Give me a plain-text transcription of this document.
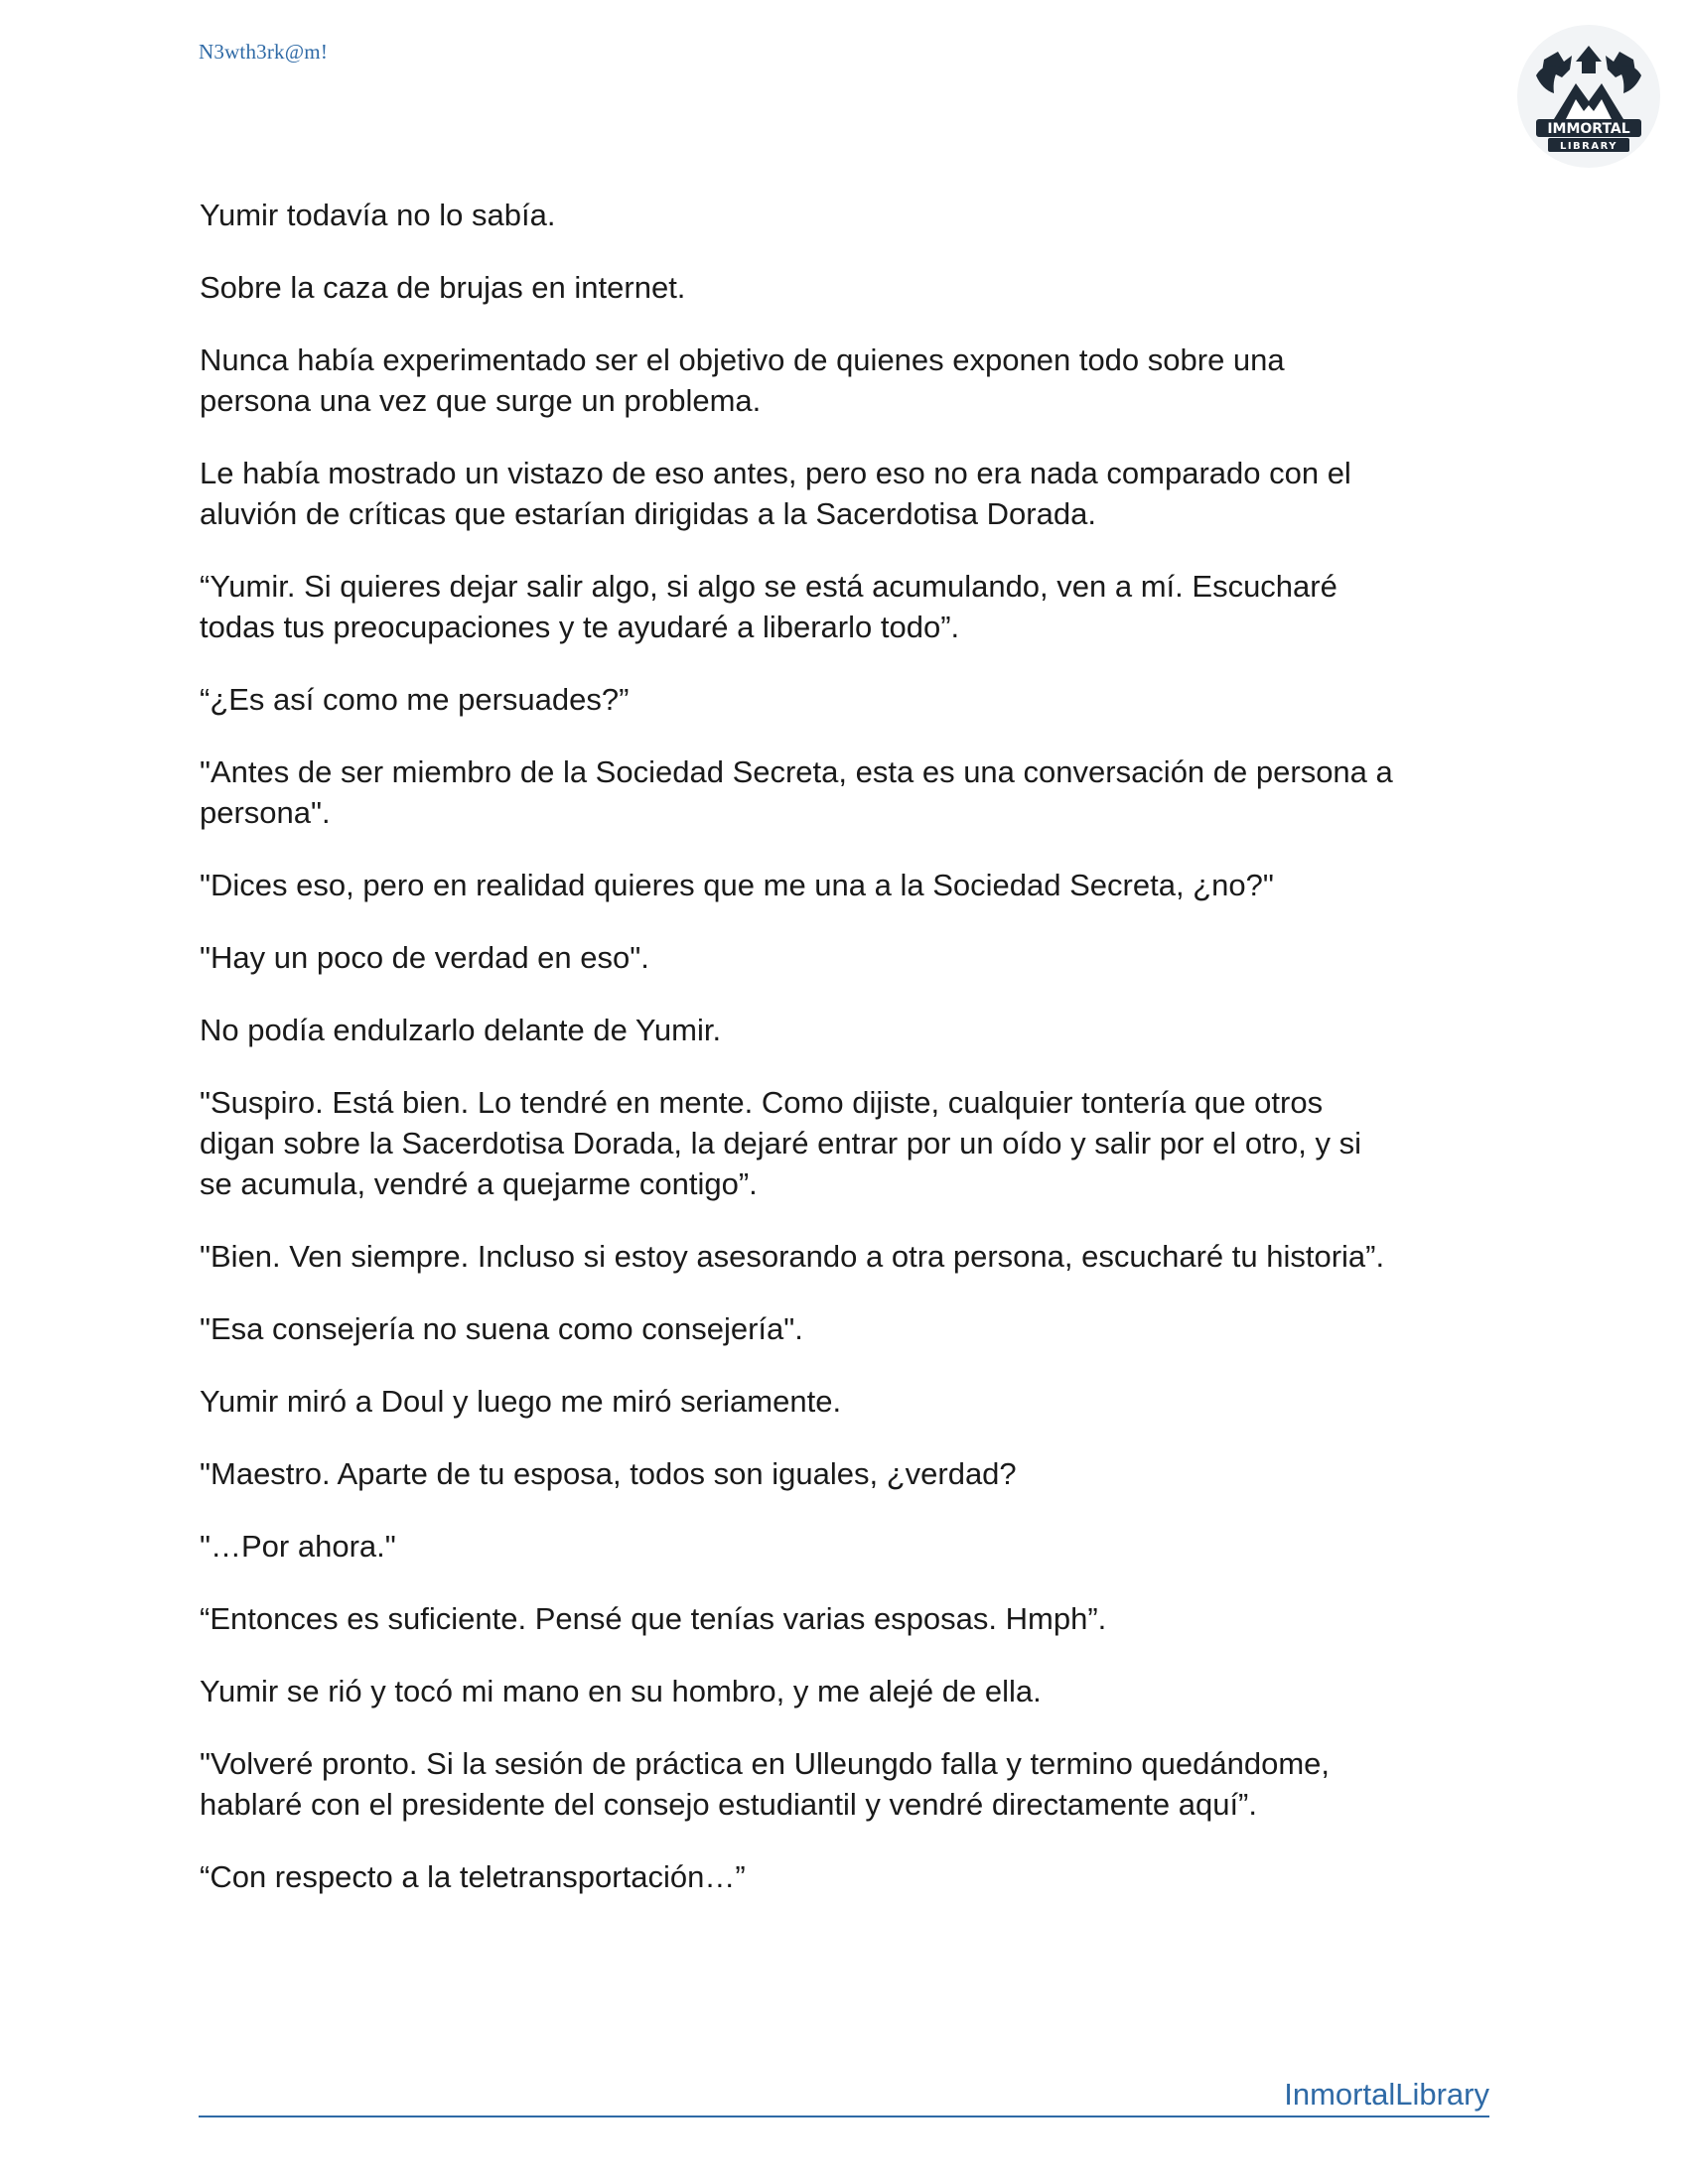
N3wth3rk@m!
IMMORTAL
LIBRARY

Yumir todavía no lo sabía.

Sobre la caza de brujas en internet.

Nunca había experimentado ser el objetivo de quienes exponen todo sobre una
persona una vez que surge un problema.

Le había mostrado un vistazo de eso antes, pero eso no era nada comparado con el
aluvión de críticas que estarían dirigidas a la Sacerdotisa Dorada.

“Yumir. Si quieres dejar salir algo, si algo se está acumulando, ven a mí. Escucharé
todas tus preocupaciones y te ayudaré a liberarlo todo”.

“¿Es así como me persuades?”

"Antes de ser miembro de la Sociedad Secreta, esta es una conversación de persona a
persona".

"Dices eso, pero en realidad quieres que me una a la Sociedad Secreta, ¿no?"

"Hay un poco de verdad en eso".

No podía endulzarlo delante de Yumir.

"Suspiro. Está bien. Lo tendré en mente. Como dijiste, cualquier tontería que otros
digan sobre la Sacerdotisa Dorada, la dejaré entrar por un oído y salir por el otro, y si
se acumula, vendré a quejarme contigo”.

"Bien. Ven siempre. Incluso si estoy asesorando a otra persona, escucharé tu historia”.

"Esa consejería no suena como consejería".

Yumir miró a Doul y luego me miró seriamente.

"Maestro. Aparte de tu esposa, todos son iguales, ¿verdad?

"…Por ahora."

“Entonces es suficiente. Pensé que tenías varias esposas. Hmph”.

Yumir se rió y tocó mi mano en su hombro, y me alejé de ella.

"Volveré pronto. Si la sesión de práctica en Ulleungdo falla y termino quedándome,
hablaré con el presidente del consejo estudiantil y vendré directamente aquí”.

“Con respecto a la teletransportación…”

InmortalLibrary
